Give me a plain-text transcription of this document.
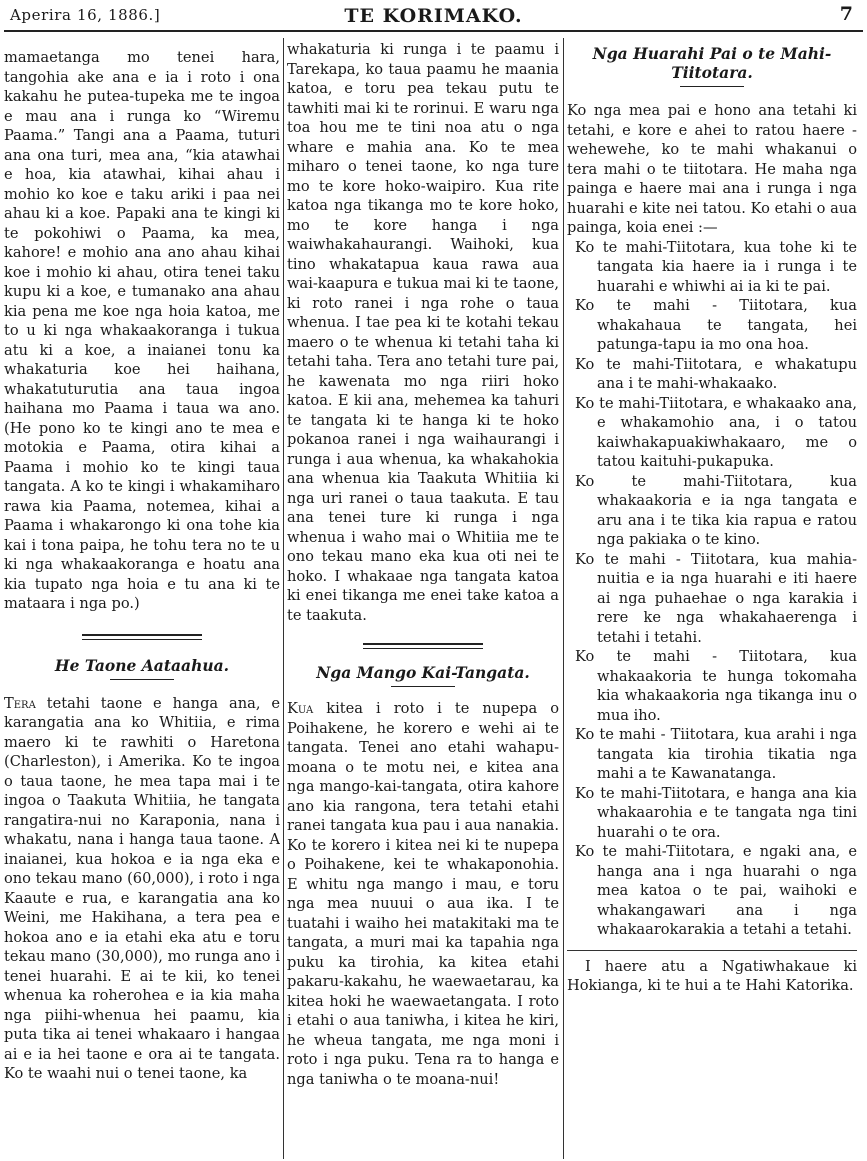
Aperira 16, 1886.]	TE KORIMAKO.	7

mamaetanga mo tenei hara, tangohia ake ana e ia i roto i ona kakahu he putea-tupeka me te ingoa e mau ana i runga ko “Wiremu Paama.” Tangi ana a Paama, tuturi ana ona turi, mea ana, “kia atawhai e hoa, kia atawhai, kihai ahau i mohio ko koe e taku ariki i paa nei ahau ki a koe. Papaki ana te kingi ki te pokohiwi o Paama, ka mea, kahore! e mohio ana ano ahau kihai koe i mohio ki ahau, otira tenei taku kupu ki a koe, e tumanako ana ahau kia pena me koe nga hoia katoa, me to u ki nga whakaakoranga i tukua atu ki a koe, a inaianei tonu ka whakaturia koe hei haihana, whakatuturutia ana taua ingoa haihana mo Paama i taua wa ano. (He pono ko te kingi ano te mea e motokia e Paama, otira kihai a Paama i mohio ko te kingi taua tangata. A ko te kingi i whakamiharo rawa kia Paama, notemea, kihai a Paama i whakarongo ki ona tohe kia kai i tona paipa, he tohu tera no te u ki nga whakaakoranga e hoatu ana kia tupato nga hoia e tu ana ki te mataara i nga po.)

He Taone Aataahua.

Tera tetahi taone e hanga ana, e karangatia ana ko Whitiia, e rima maero ki te rawhiti o Haretona (Charleston), i Amerika. Ko te ingoa o taua taone, he mea tapa mai i te ingoa o Taakuta Whitiia, he tangata rangatira-nui no Karaponia, nana i whakatu, nana i hanga taua taone. A inaianei, kua hokoa e ia nga eka e ono tekau mano (60,000), i roto i nga Kaaute e rua, e karangatia ana ko Weini, me Hakihana, a tera pea e hokoa ano e ia etahi eka atu e toru tekau mano (30,000), mo runga ano i tenei huarahi. E ai te kii, ko tenei whenua ka roherohea e ia kia maha nga piihi-whenua hei paamu, kia puta tika ai tenei whakaaro i hangaa ai e ia hei taone e ora ai te tangata. Ko te waahi nui o tenei taone, ka

whakaturia ki runga i te paamu i Tarekapa, ko taua paamu he maania katoa, e toru pea tekau putu te tawhiti mai ki te rorinui. E waru nga toa hou me te tini noa atu o nga whare e mahia ana. Ko te mea miharo o tenei taone, ko nga ture mo te kore hoko-waipiro. Kua rite katoa nga tikanga mo te kore hoko, mo te kore hanga i nga waiwhakahaurangi. Waihoki, kua tino whakatapua kaua rawa aua wai-kaapura e tukua mai ki te taone, ki roto ranei i nga rohe o taua whenua. I tae pea ki te kotahi tekau maero o te whenua ki tetahi taha ki tetahi taha. Tera ano tetahi ture pai, he kawenata mo nga riiri hoko katoa. E kii ana, mehemea ka tahuri te tangata ki te hanga ki te hoko pokanoa ranei i nga waihaurangi i runga i aua whenua, ka whakahokia ana whenua kia Taakuta Whitiia ki nga uri ranei o taua taakuta. E tau ana tenei ture ki runga i nga whenua i waho mai o Whitiia me te ono tekau mano eka kua oti nei te hoko. I whakaae nga tangata katoa ki enei tikanga me enei take katoa a te taakuta.

Nga Mango Kai-Tangata.

Kua kitea i roto i te nupepa o Poihakene, he korero e wehi ai te tangata. Tenei ano etahi wahapu-moana o te motu nei, e kitea ana nga mango-kai-tangata, otira kahore ano kia rangona, tera tetahi etahi ranei tangata kua pau i aua nanakia. Ko te korero i kitea nei ki te nupepa o Poihakene, kei te whakaponohia. E whitu nga mango i mau, e toru nga mea nuuui o aua ika. I te tuatahi i waiho hei matakitaki ma te tangata, a muri mai ka tapahia nga puku ka tirohia, ka kitea etahi pakaru-kakahu, he waewaetarau, ka kitea hoki he waewaetangata. I roto i etahi o aua taniwha, i kitea he kiri, he wheua tangata, me nga moni i roto i nga puku. Tena ra to hanga e nga taniwha o te moana-nui!

Nga Huarahi Pai o te Mahi-Tiitotara.

Ko nga mea pai e hono ana tetahi ki tetahi, e kore e ahei to ratou haere - wehewehe, ko te mahi whakanui o tera mahi o te tiitotara. He maha nga painga e haere mai ana i runga i nga huarahi e kite nei tatou. Ko etahi o aua painga, koia enei :—

Ko te mahi-Tiitotara, kua tohe ki te tangata kia haere ia i runga i te huarahi e whiwhi ai ia ki te pai.
Ko te mahi - Tiitotara, kua whakahaua te tangata, hei patunga-tapu ia mo ona hoa.
Ko te mahi-Tiitotara, e whakatupu ana i te mahi-whakaako.
Ko te mahi-Tiitotara, e whakaako ana, e whakamohio ana, i o tatou kaiwhakapuakiwhakaaro, me o tatou kaituhi-pukapuka.
Ko te mahi-Tiitotara, kua whakaakoria e ia nga tangata e aru ana i te tika kia rapua e ratou nga pakiaka o te kino.
Ko te mahi - Tiitotara, kua mahia-nuitia e ia nga huarahi e iti haere ai nga puhaehae o nga karakia i rere ke nga whakahaerenga i tetahi i tetahi.
Ko te mahi - Tiitotara, kua whakaakoria te hunga tokomaha kia whakaakoria nga tikanga inu o mua iho.
Ko te mahi - Tiitotara, kua arahi i nga tangata kia tirohia tikatia nga mahi a te Kawanatanga.
Ko te mahi-Tiitotara, e hanga ana kia whakaarohia e te tangata nga tini huarahi o te ora.
Ko te mahi-Tiitotara, e ngaki ana, e hanga ana i nga huarahi o nga mea katoa o te pai, waihoki e whakangawari ana i nga whakaarokarakia a tetahi a tetahi.

I haere atu a Ngatiwhakaue ki Hokianga, ki te hui a te Hahi Katorika.
